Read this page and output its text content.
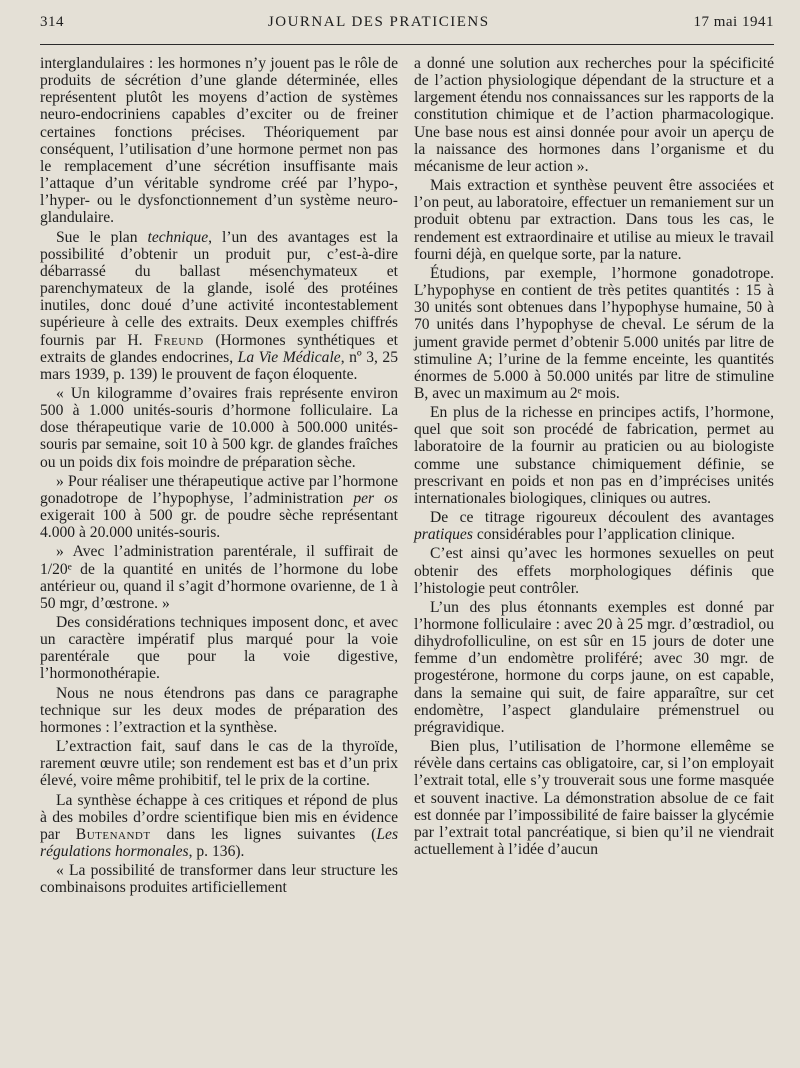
314	JOURNAL DES PRATICIENS	17 mai 1941

interglandulaires : les hormones n’y jouent pas le rôle de produits de sécrétion d’une glande déterminée, elles représentent plutôt les moyens d’action de systèmes neuro-endocriniens capables d’exciter ou de freiner certaines fonctions précises. Théoriquement par conséquent, l’utilisation d’une hormone permet non pas le remplacement d’une sécrétion insuffisante mais l’attaque d’un véritable syndrome créé par l’hypo-, l’hyper- ou le dysfonctionnement d’un système neuro-glandulaire.

Sue le plan technique, l’un des avantages est la possibilité d’obtenir un produit pur, c’est-à-dire débarrassé du ballast mésenchymateux et parenchymateux de la glande, isolé des protéines inutiles, donc doué d’une activité incontestablement supérieure à celle des extraits. Deux exemples chiffrés fournis par H. Freund (Hormones synthétiques et extraits de glandes endocrines, La Vie Médicale, nº 3, 25 mars 1939, p. 139) le prouvent de façon éloquente.

« Un kilogramme d’ovaires frais représente environ 500 à 1.000 unités-souris d’hormone folliculaire. La dose thérapeutique varie de 10.000 à 500.000 unités-souris par semaine, soit 10 à 500 kgr. de glandes fraîches ou un poids dix fois moindre de préparation sèche.

» Pour réaliser une thérapeutique active par l’hormone gonadotrope de l’hypophyse, l’administration per os exigerait 100 à 500 gr. de poudre sèche représentant 4.000 à 20.000 unités-souris.

» Avec l’administration parentérale, il suffirait de 1/20ᵉ de la quantité en unités de l’hormone du lobe antérieur ou, quand il s’agit d’hormone ovarienne, de 1 à 50 mgr, d’œstrone. »

Des considérations techniques imposent donc, et avec un caractère impératif plus marqué pour la voie parentérale que pour la voie digestive, l’hormonothérapie.

Nous ne nous étendrons pas dans ce paragraphe technique sur les deux modes de préparation des hormones : l’extraction et la synthèse.

L’extraction fait, sauf dans le cas de la thyroïde, rarement œuvre utile; son rendement est bas et d’un prix élevé, voire même prohibitif, tel le prix de la cortine.

La synthèse échappe à ces critiques et répond de plus à des mobiles d’ordre scientifique bien mis en évidence par Butenandt dans les lignes suivantes (Les régulations hormonales, p. 136).

« La possibilité de transformer dans leur structure les combinaisons produites artificiellement

a donné une solution aux recherches pour la spécificité de l’action physiologique dépendant de la structure et a largement étendu nos connaissances sur les rapports de la constitution chimique et de l’action pharmacologique. Une base nous est ainsi donnée pour avoir un aperçu de la naissance des hormones dans l’organisme et du mécanisme de leur action ».

Mais extraction et synthèse peuvent être associées et l’on peut, au laboratoire, effectuer un remaniement sur un produit obtenu par extraction. Dans tous les cas, le rendement est extraordinaire et utilise au mieux le travail fourni déjà, en quelque sorte, par la nature.

Étudions, par exemple, l’hormone gonadotrope. L’hypophyse en contient de très petites quantités : 15 à 30 unités sont obtenues dans l’hypophyse humaine, 50 à 70 unités dans l’hypophyse de cheval. Le sérum de la jument gravide permet d’obtenir 5.000 unités par litre de stimuline A; l’urine de la femme enceinte, les quantités énormes de 5.000 à 50.000 unités par litre de stimuline B, avec un maximum au 2ᵉ mois.

En plus de la richesse en principes actifs, l’hormone, quel que soit son procédé de fabrication, permet au laboratoire de la fournir au praticien ou au biologiste comme une substance chimiquement définie, se prescrivant en poids et non pas en d’imprécises unités internationales biologiques, cliniques ou autres.

De ce titrage rigoureux découlent des avantages pratiques considérables pour l’application clinique.

C’est ainsi qu’avec les hormones sexuelles on peut obtenir des effets morphologiques définis que l’histologie peut contrôler.

L’un des plus étonnants exemples est donné par l’hormone folliculaire : avec 20 à 25 mgr. d’œstradiol, ou dihydrofolliculine, on est sûr en 15 jours de doter une femme d’un endomètre proliféré; avec 30 mgr. de progestérone, hormone du corps jaune, on est capable, dans la semaine qui suit, de faire apparaître, sur cet endomètre, l’aspect glandulaire prémenstruel ou prégravidique.

Bien plus, l’utilisation de l’hormone ellemême se révèle dans certains cas obligatoire, car, si l’on employait l’extrait total, elle s’y trouverait sous une forme masquée et souvent inactive. La démonstration absolue de ce fait est donnée par l’impossibilité de faire baisser la glycémie par l’extrait total pancréatique, si bien qu’il ne viendrait actuellement à l’idée d’aucun
